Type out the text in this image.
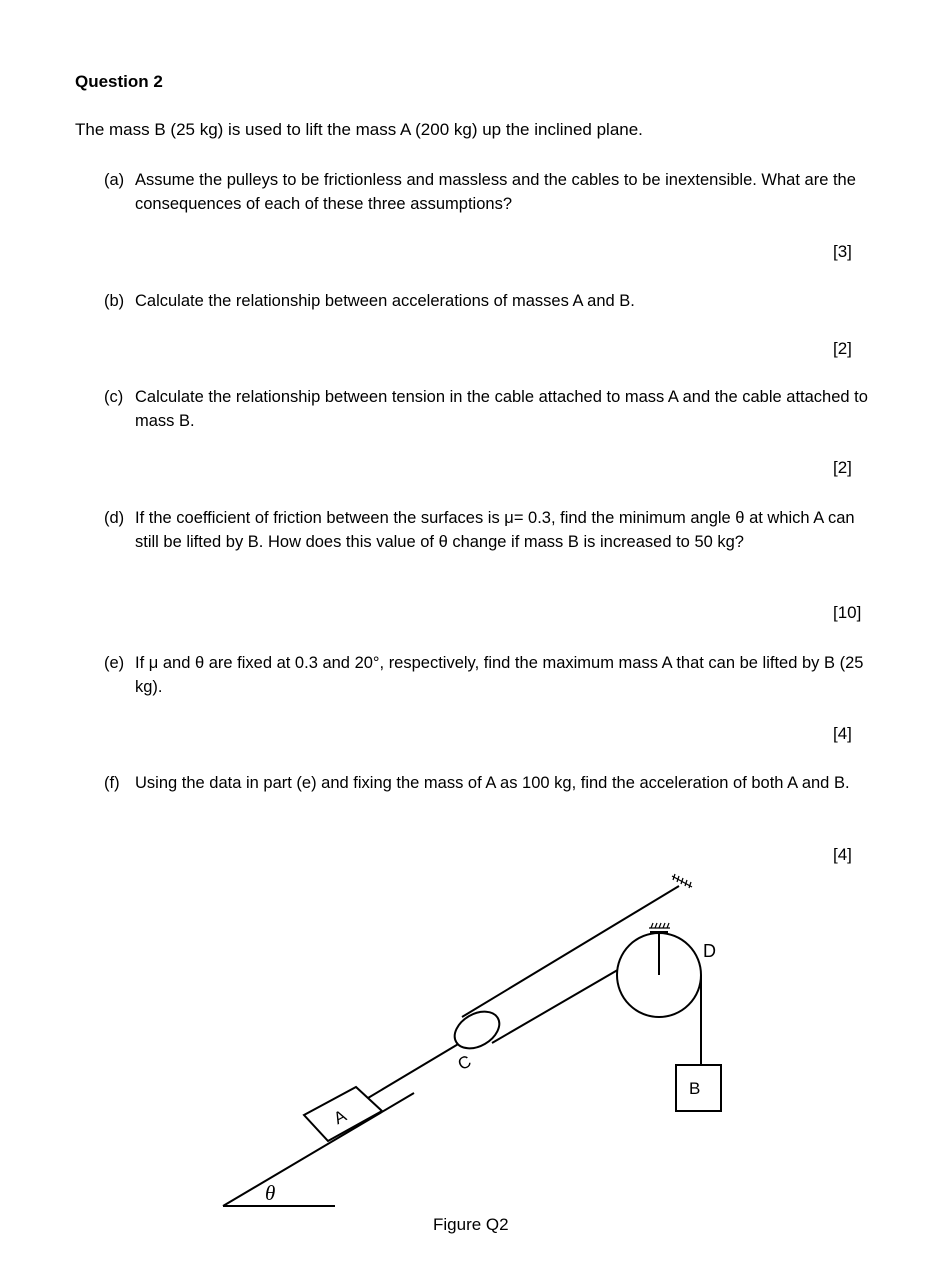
Question 2
The mass B (25 kg) is used to lift the mass A (200 kg) up the inclined plane.
(a) Assume the pulleys to be frictionless and massless and the cables to be inextensible. What are the consequences of each of these three assumptions?
[3]
(b) Calculate the relationship between accelerations of masses A and B.
[2]
(c) Calculate the relationship between tension in the cable attached to mass A and the cable attached to mass B.
[2]
(d) If the coefficient of friction between the surfaces is μ= 0.3, find the minimum angle θ at which A can still be lifted by B. How does this value of θ change if mass B is increased to 50 kg?
[10]
(e) If μ and θ are fixed at 0.3 and 20°, respectively, find the maximum mass A that can be lifted by B (25 kg).
[4]
(f) Using the data in part (e) and fixing the mass of A as 100 kg, find the acceleration of both A and B.
[4]
A
B
C
D
θ
Figure Q2
